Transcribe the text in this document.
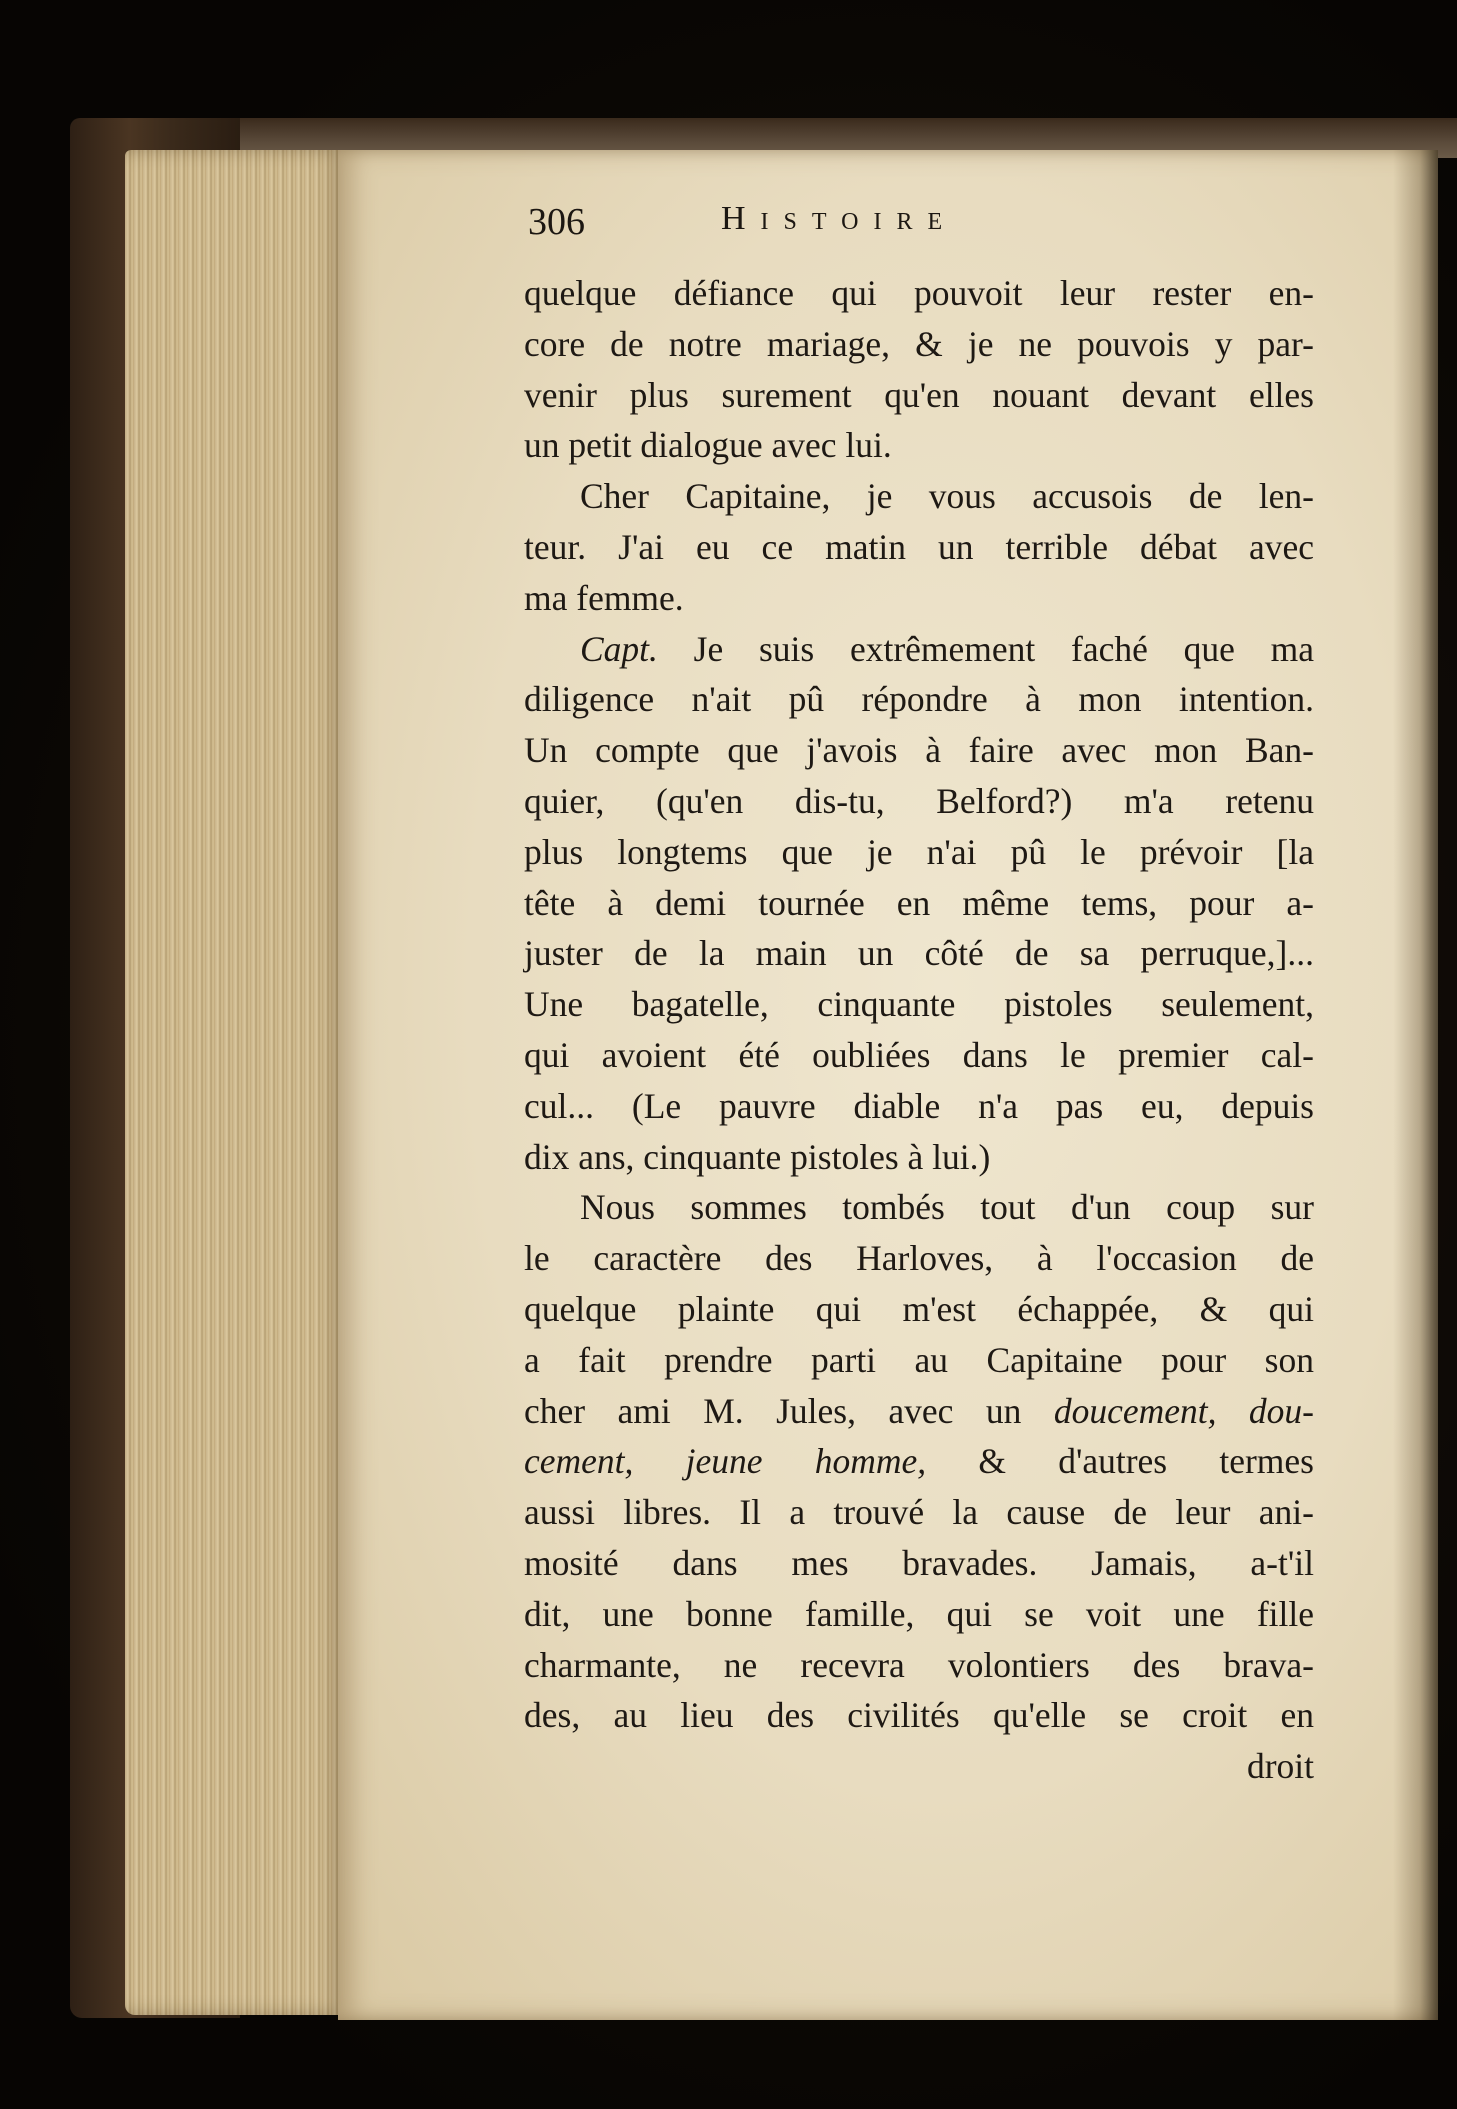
306	Histoire
quelque défiance qui pouvoit leur rester en-
core de notre mariage, & je ne pouvois y par-
venir plus surement qu'en nouant devant elles
un petit dialogue avec lui.
Cher Capitaine, je vous accusois de len-
teur. J'ai eu ce matin un terrible débat avec
ma femme.
Capt. Je suis extrêmement faché que ma
diligence n'ait pû répondre à mon intention.
Un compte que j'avois à faire avec mon Ban-
quier, (qu'en dis-tu, Belford?) m'a retenu
plus longtems que je n'ai pû le prévoir [la
tête à demi tournée en même tems, pour a-
juster de la main un côté de sa perruque,]...
Une bagatelle, cinquante pistoles seulement,
qui avoient été oubliées dans le premier cal-
cul... (Le pauvre diable n'a pas eu, depuis
dix ans, cinquante pistoles à lui.)
Nous sommes tombés tout d'un coup sur
le caractère des Harloves, à l'occasion de
quelque plainte qui m'est échappée, & qui
a fait prendre parti au Capitaine pour son
cher ami M. Jules, avec un doucement, dou-
cement, jeune homme, & d'autres termes
aussi libres. Il a trouvé la cause de leur ani-
mosité dans mes bravades. Jamais, a-t'il
dit, une bonne famille, qui se voit une fille
charmante, ne recevra volontiers des brava-
des, au lieu des civilités qu'elle se croit en
droit
